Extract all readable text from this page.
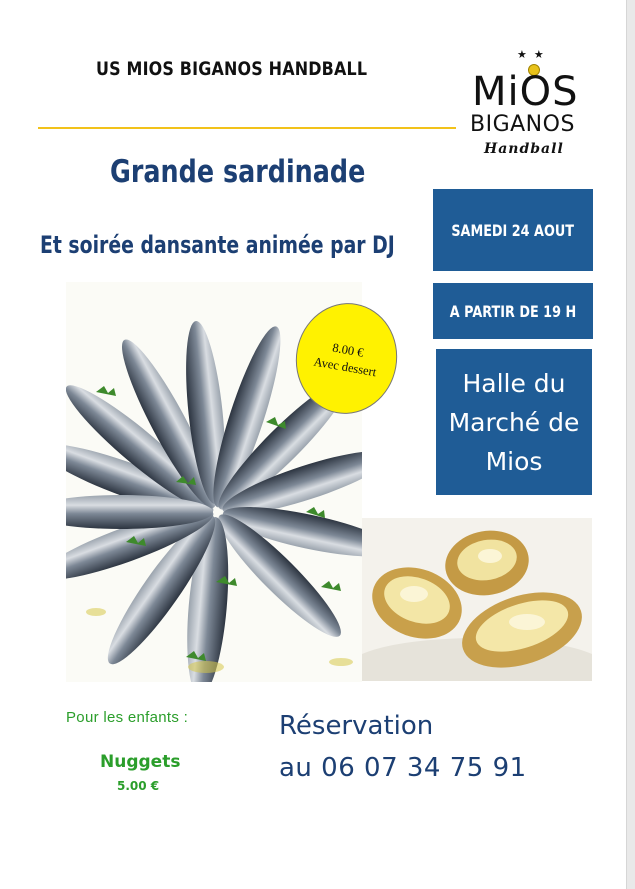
US MIOS BIGANOS HANDBALL
★ ★
MiOS
BIGANOS
Handball
Grande sardinade
Et soirée dansante animée par DJ
SAMEDI 24 AOUT
A PARTIR DE 19 H
Halle du Marché de Mios
8.00 €
Avec dessert
Pour les enfants :
Nuggets
5.00 €
Réservation
au 06 07 34 75 91
